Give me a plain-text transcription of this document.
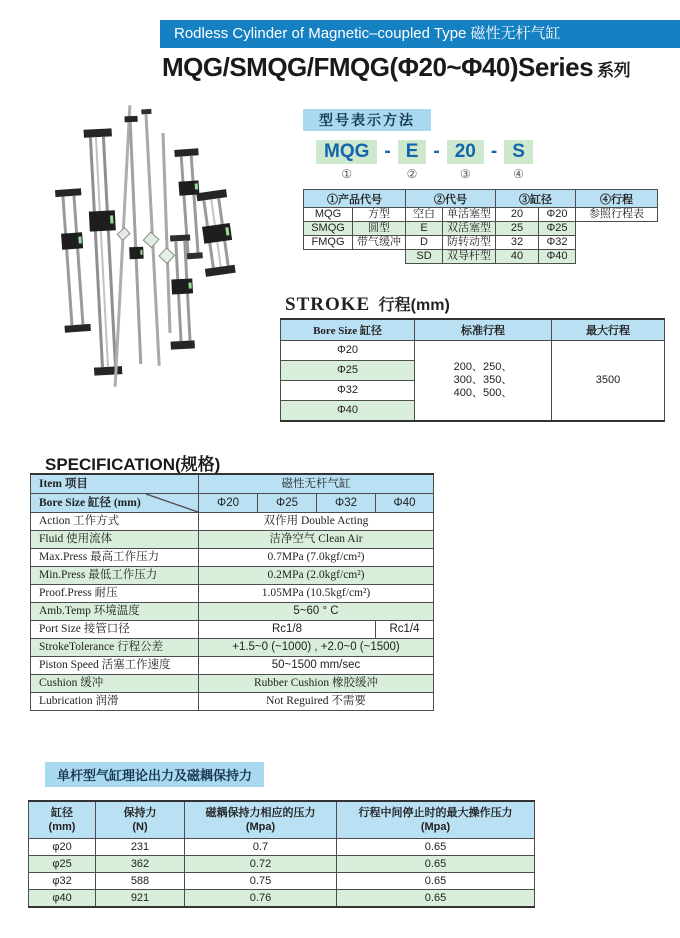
Rodless Cylinder of Magnetic–coupled Type 磁性无杆气缸
MQG/SMQG/FMQG(Φ20~Φ40)Series 系列
型号表示方法
MQG
①
- E
②
- 20
③
- S
④
①产品代号		②代号		③缸径		④行程
MQG	方型	空白	单活塞型	20	Φ20	参照行程表
SMQG	圆型	E	双活塞型	25	Φ25	
FMQG	带气缓冲	D	防转动型	32	Φ32	
		SD	双导杆型	40	Φ40	
STROKE 行程(mm)
Bore Size 缸径	标准行程	最大行程
Φ20	200、250、
300、350、
400、500、	3500
Φ25		
Φ32		
Φ40		
SPECIFICATION(规格)
Item 项目	磁性无杆气缸			
Bore Size 缸径 (mm)	Φ20	Φ25	Φ32	Φ40
Action 工作方式	双作用 Double Acting			
Fluid 使用流体	洁净空气 Clean Air			
Max.Press 最高工作压力	0.7MPa (7.0kgf/cm²)			
Min.Press 最低工作压力	0.2MPa (2.0kgf/cm²)			
Proof.Press 耐压	1.05MPa (10.5kgf/cm²)			
Amb.Temp 环境温度	5~60 ° C			
Port Size 接管口径	Rc1/8			Rc1/4
StrokeTolerance 行程公差	+1.5~0 (~1000) , +2.0~0 (~1500)			
Piston Speed 活塞工作速度	50~1500 mm/sec			
Cushion 缓冲	Rubber Cushion 橡胶缓冲			
Lubrication 润滑	Not Reguired 不需要			
单杆型气缸理论出力及磁耦保持力
缸径
(mm)

保持力
(N)

磁耦保持力相应的压力
(Mpa)

行程中间停止时的最大操作压力
(Mpa)

φ20	231	0.7	0.65
φ25	362	0.72	0.65
φ32	588	0.75	0.65
φ40	921	0.76	0.65
